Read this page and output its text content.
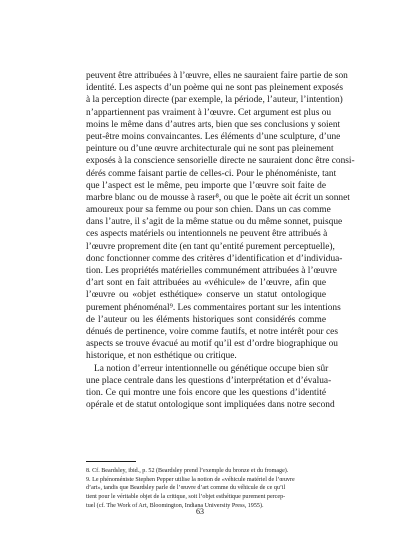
peuvent être attribuées à l’œuvre, elles ne sauraient faire partie de son
identité. Les aspects d’un poème qui ne sont pas pleinement exposés
à la perception directe (par exemple, la période, l’auteur, l’intention)
n’appartiennent pas vraiment à l’œuvre. Cet argument est plus ou
moins le même dans d’autres arts, bien que ses conclusions y soient
peut-être moins convaincantes. Les éléments d’une sculpture, d’une
peinture ou d’une œuvre architecturale qui ne sont pas pleinement
exposés à la conscience sensorielle directe ne sauraient donc être consi-
dérés comme faisant partie de celles-ci. Pour le phénoméniste, tant
que l’aspect est le même, peu importe que l’œuvre soit faite de
marbre blanc ou de mousse à raser⁸, ou que le poète ait écrit un sonnet
amoureux pour sa femme ou pour son chien. Dans un cas comme
dans l’autre, il s’agit de la même statue ou du même sonnet, puisque
ces aspects matériels ou intentionnels ne peuvent être attribués à
l’œuvre proprement dite (en tant qu’entité purement perceptuelle),
donc fonctionner comme des critères d’identification et d’individua-
tion. Les propriétés matérielles communément attribuées à l’œuvre
d’art sont en fait attribuées au «véhicule» de l’œuvre, afin que
l’œuvre ou «objet esthétique» conserve un statut ontologique
purement phénoménal⁹. Les commentaires portant sur les intentions
de l’auteur ou les éléments historiques sont considérés comme
dénués de pertinence, voire comme fautifs, et notre intérêt pour ces
aspects se trouve évacué au motif qu’il est d’ordre biographique ou
historique, et non esthétique ou critique.
La notion d’erreur intentionnelle ou génétique occupe bien sûr
une place centrale dans les questions d’interprétation et d’évalua-
tion. Ce qui montre une fois encore que les questions d’identité
opérale et de statut ontologique sont impliquées dans notre second
8. Cf. Beardsley, ibid., p. 52 (Beardsley prend l’exemple du bronze et du fromage).
9. Le phénoméniste Stephen Pepper utilise la notion de «véhicule matériel de l’œuvre
d’art», tandis que Beardsley parle de l’œuvre d’art comme du véhicule de ce qu’il
tient pour le véritable objet de la critique, soit l’objet esthétique purement percep-
tuel (cf. The Work of Art, Bloomington, Indiana University Press, 1955).
63
